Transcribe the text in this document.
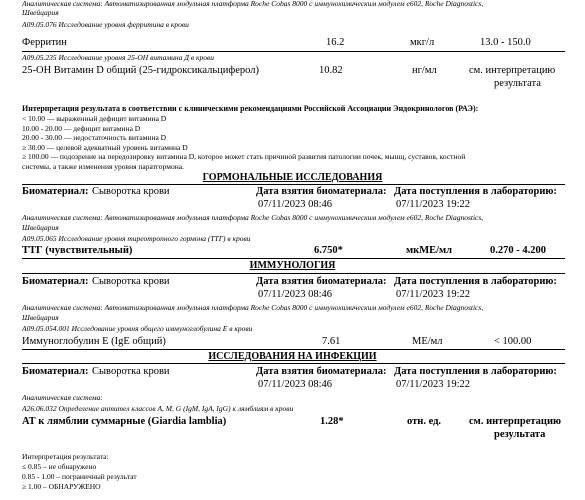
Аналитическая система: Автоматизированная модульная платформа Roche Cobas 8000 с иммунохимическим модулем e602, Roche Diagnostics,
Швейцария
A09.05.076 Исследование уровня ферритина в крови
Ферритин	16.2	мкг/л	13.0 - 150.0
A09.05.235 Исследование уровня 25-ОН витамина Д в крови
25-ОН Витамин D общий (25-гидроксикальциферол)	10.82	нг/мл	см. интерпретацию
результата
Интерпретация результата в соответствии с клиническими рекомендациями Российской Ассоциации Эндокринологов (РАЭ):
< 10.00 — выраженный дефицит витамина D
10.00 - 20.00 — дефицит витамина D
20.00 - 30.00 — недостаточность витамина D
≥ 30.00 — целевой адекватный уровень витамина D
≥ 100.00 — подозрение на передозировку витамина D, которое может стать причиной развития патологии почек, мышц, суставов, костной
системы, а также изменения уровня паратгормона.
ГОРМОНАЛЬНЫЕ ИССЛЕДОВАНИЯ
Биоматериал: Сыворотка крови	Дата взятия биоматериала:
07/11/2023 08:46
Дата поступления в лабораторию:
07/11/2023 19:22
Аналитическая система: Автоматизированная модульная платформа Roche Cobas 8000 с иммунохимическим модулем e602, Roche Diagnostics,
Швейцария
A09.05.065 Исследование уровня тиреотропного гормона (ТТГ) в крови
ТТГ (чувствительный)	6.750*	мкМЕ/мл	0.270 - 4.200
ИММУНОЛОГИЯ
Биоматериал: Сыворотка крови	Дата взятия биоматериала:
07/11/2023 08:46
Дата поступления в лабораторию:
07/11/2023 19:22
Аналитическая система: Автоматизированная модульная платформа Roche Cobas 8000 с иммунохимическим модулем e602, Roche Diagnostics,
Швейцария
A09.05.054.001 Исследование уровня общего иммуноглобулина E в крови
Иммуноглобулин E (IgE общий)	7.61	МЕ/мл	< 100.00
ИССЛЕДОВАНИЯ НА ИНФЕКЦИИ
Биоматериал: Сыворотка крови	Дата взятия биоматериала:
07/11/2023 08:46
Дата поступления в лабораторию:
07/11/2023 19:22
Аналитическая система:
A26.06.032 Определение антител классов A, M, G (IgM, IgA, IgG) к лямблиям в крови
АТ к лямблии суммарные (Giardia lamblia)	1.28*	отн. ед.	см. интерпретацию
результата
Интерпретация результата:
≤ 0.85 – не обнаружено
0.85 - 1.00 – пограничный результат
≥ 1.00 – ОБНАРУЖЕНО
